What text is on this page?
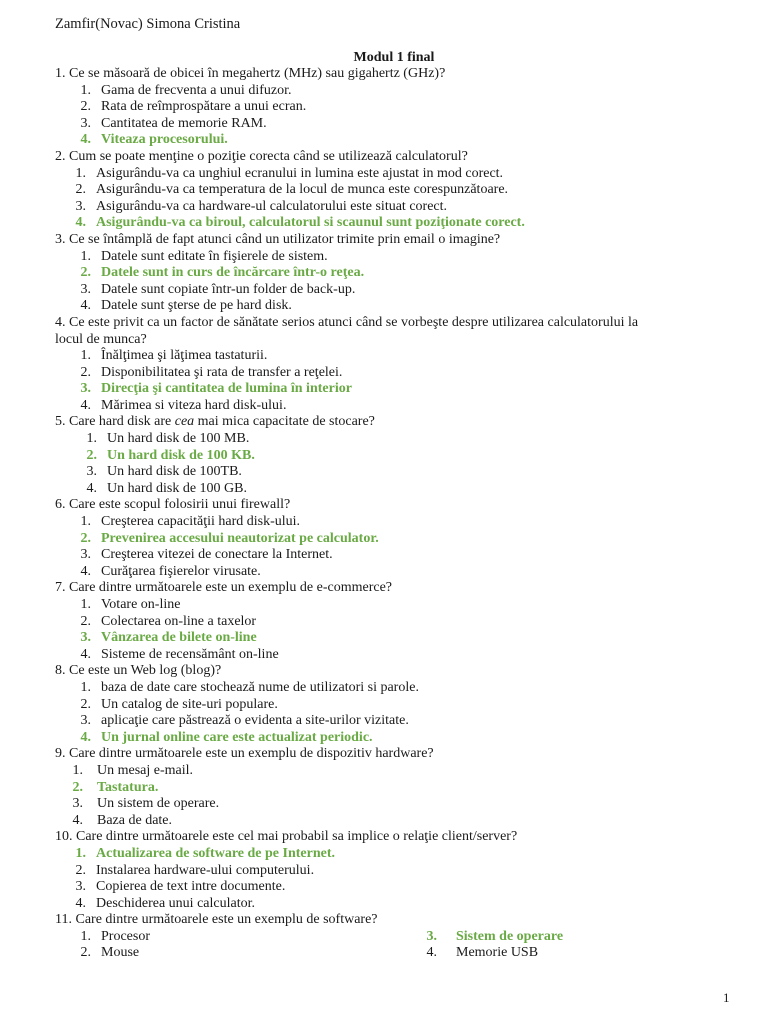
Zamfir(Novac) Simona Cristina
Modul 1 final
1. Ce se măsoară de obicei în megahertz (MHz) sau gigahertz (GHz)?
1. Gama de frecventa a unui difuzor.
2. Rata de reîmprospătare a unui ecran.
3. Cantitatea de memorie RAM.
4. Viteaza procesorului.
2. Cum se poate menţine o poziţie corecta când se utilizează calculatorul?
1. Asigurându-va ca unghiul ecranului in lumina este ajustat in mod corect.
2. Asigurându-va ca temperatura de la locul de munca este corespunzătoare.
3. Asigurându-va ca hardware-ul calculatorului este situat corect.
4. Asigurându-va ca biroul, calculatorul si scaunul sunt poziţionate corect.
3. Ce se întâmplă de fapt atunci când un utilizator trimite prin email o imagine?
1. Datele sunt editate în fişierele de sistem.
2. Datele sunt in curs de încărcare într-o reţea.
3. Datele sunt copiate într-un folder de back-up.
4. Datele sunt şterse de pe hard disk.
4. Ce este privit ca un factor de sănătate serios atunci când se vorbeşte despre utilizarea calculatorului la
locul de munca?
1. Înălţimea şi lăţimea tastaturii.
2. Disponibilitatea şi rata de transfer a reţelei.
3. Direcţia şi cantitatea de lumina în interior
4. Mărimea si viteza hard disk-ului.
5. Care hard disk are cea mai mica capacitate de stocare?
1. Un hard disk de 100 MB.
2. Un hard disk de 100 KB.
3. Un hard disk de 100TB.
4. Un hard disk de 100 GB.
6. Care este scopul folosirii unui firewall?
1. Creşterea capacităţii hard disk-ului.
2. Prevenirea accesului neautorizat pe calculator.
3. Creşterea vitezei de conectare la Internet.
4. Curăţarea fişierelor virusate.
7. Care dintre următoarele este un exemplu de e-commerce?
1. Votare on-line
2. Colectarea on-line a taxelor
3. Vânzarea de bilete on-line
4. Sisteme de recensământ on-line
8. Ce este un Web log (blog)?
1. baza de date care stochează nume de utilizatori si parole.
2. Un catalog de site-uri populare.
3. aplicaţie care păstrează o evidenta a site-urilor vizitate.
4. Un jurnal online care este actualizat periodic.
9. Care dintre următoarele este un exemplu de dispozitiv hardware?
1. Un mesaj e-mail.
2. Tastatura.
3. Un sistem de operare.
4. Baza de date.
10. Care dintre următoarele este cel mai probabil sa implice o relaţie client/server?
1. Actualizarea de software de pe Internet.
2. Instalarea hardware-ului computerului.
3. Copierea de text intre documente.
4. Deschiderea unui calculator.
11. Care dintre următoarele este un exemplu de software?
1. Procesor
2. Mouse
3. Sistem de operare
4. Memorie USB
1
